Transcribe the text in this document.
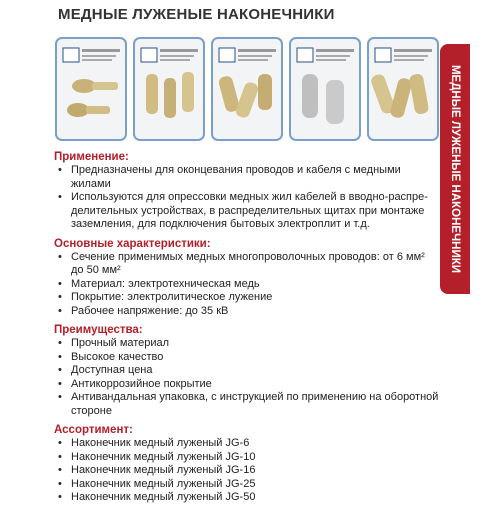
МЕДНЫЕ ЛУЖЕНЫЕ НАКОНЕЧНИКИ
МЕДНЫЕ ЛУЖЕНЫЕ НАКОНЕЧНИКИ
Применение:
• Предназначены для оконцевания проводов и кабеля с медными жилами
• Используются для опрессовки медных жил кабелей в вводно-распре-делительных устройствах, в распределительных щитах при монтаже заземления, для подключения бытовых электроплит и т.д.
Основные характеристики:
• Сечение применимых медных многопроволочных проводов: от 6 мм² до 50 мм²
• Материал: электротехническая медь
• Покрытие: электролитическое лужение
• Рабочее напряжение: до 35 кВ
Преимущества:
• Прочный материал
• Высокое качество
• Доступная цена
• Антикоррозийное покрытие
• Антивандальная упаковка, с инструкцией по применению на оборотной стороне
Ассортимент:
• Наконечник медный луженый JG-6
• Наконечник медный луженый JG-10
• Наконечник медный луженый JG-16
• Наконечник медный луженый JG-25
• Наконечник медный луженый JG-50
